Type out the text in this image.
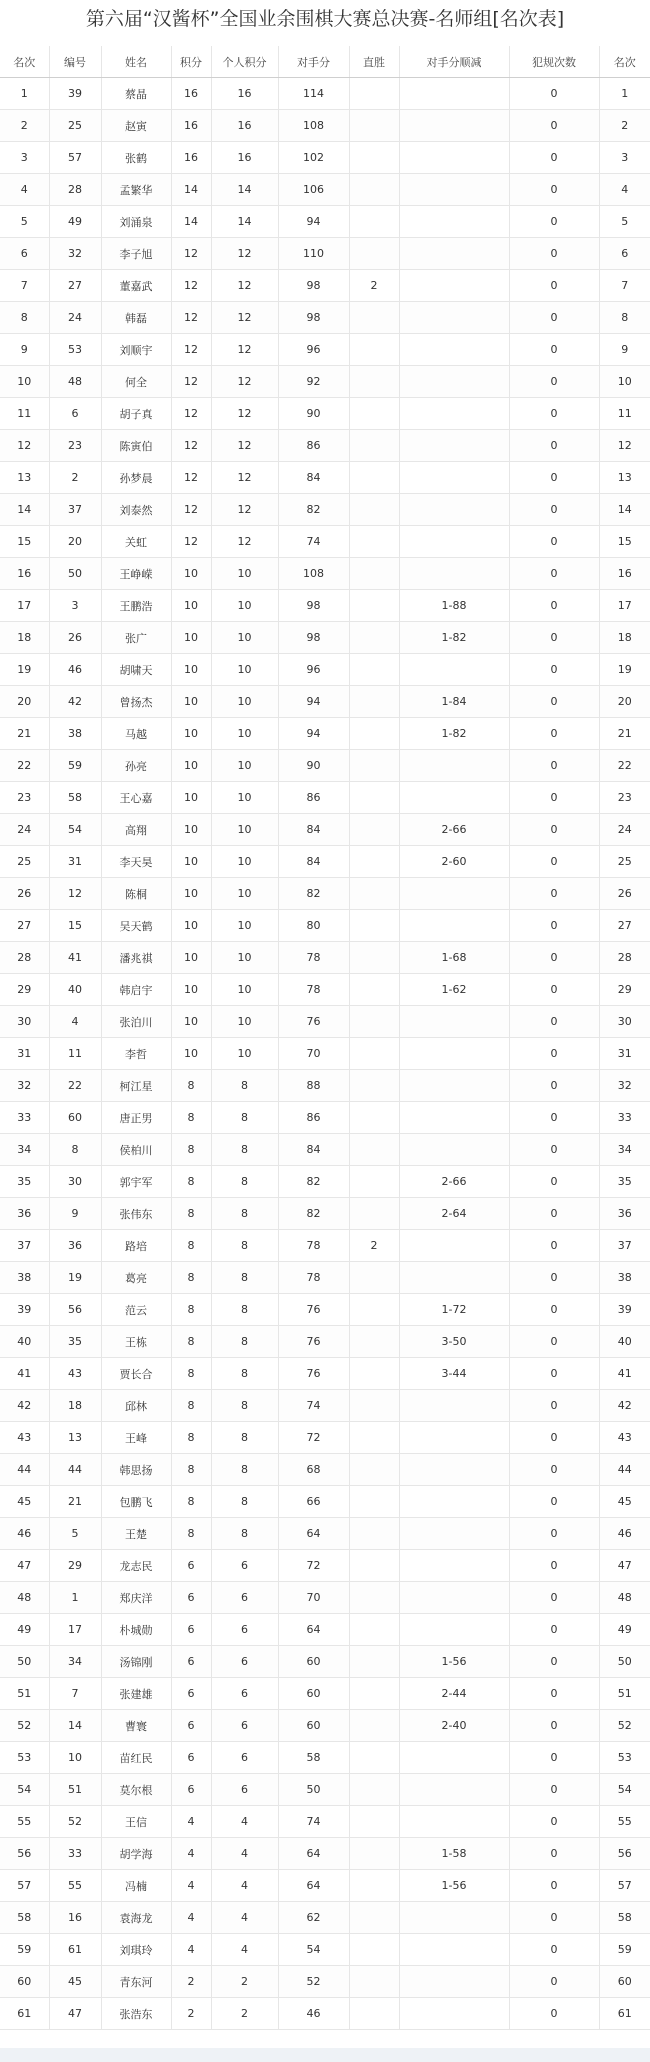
第六届“汉酱杯”全国业余围棋大赛总决赛-名师组[名次表]
名次	编号	姓名	积分	个人积分	对手分	直胜	对手分顺减	犯规次数	名次
1	39	蔡晶	16	16	114			0	1
2	25	赵寅	16	16	108			0	2
3	57	张鹤	16	16	102			0	3
4	28	孟繁华	14	14	106			0	4
5	49	刘涌泉	14	14	94			0	5
6	32	李子旭	12	12	110			0	6
7	27	董嘉武	12	12	98	2		0	7
8	24	韩磊	12	12	98			0	8
9	53	刘顺宇	12	12	96			0	9
10	48	何全	12	12	92			0	10
11	6	胡子真	12	12	90			0	11
12	23	陈寅伯	12	12	86			0	12
13	2	孙梦晨	12	12	84			0	13
14	37	刘泰然	12	12	82			0	14
15	20	关虹	12	12	74			0	15
16	50	王峥嵘	10	10	108			0	16
17	3	王鹏浩	10	10	98		1-88	0	17
18	26	张广	10	10	98		1-82	0	18
19	46	胡啸天	10	10	96			0	19
20	42	曾扬杰	10	10	94		1-84	0	20
21	38	马越	10	10	94		1-82	0	21
22	59	孙亮	10	10	90			0	22
23	58	王心嘉	10	10	86			0	23
24	54	高翔	10	10	84		2-66	0	24
25	31	李天昊	10	10	84		2-60	0	25
26	12	陈桐	10	10	82			0	26
27	15	吴天鹤	10	10	80			0	27
28	41	潘兆祺	10	10	78		1-68	0	28
29	40	韩启宇	10	10	78		1-62	0	29
30	4	张泊川	10	10	76			0	30
31	11	李哲	10	10	70			0	31
32	22	柯江星	8	8	88			0	32
33	60	唐正男	8	8	86			0	33
34	8	侯柏川	8	8	84			0	34
35	30	郭宇军	8	8	82		2-66	0	35
36	9	张伟东	8	8	82		2-64	0	36
37	36	路培	8	8	78	2		0	37
38	19	葛亮	8	8	78			0	38
39	56	范云	8	8	76		1-72	0	39
40	35	王栋	8	8	76		3-50	0	40
41	43	贾长合	8	8	76		3-44	0	41
42	18	邱林	8	8	74			0	42
43	13	王峰	8	8	72			0	43
44	44	韩思扬	8	8	68			0	44
45	21	包鹏飞	8	8	66			0	45
46	5	王楚	8	8	64			0	46
47	29	龙志民	6	6	72			0	47
48	1	郑庆洋	6	6	70			0	48
49	17	朴城勋	6	6	64			0	49
50	34	汤锦刚	6	6	60		1-56	0	50
51	7	张建雄	6	6	60		2-44	0	51
52	14	曹寰	6	6	60		2-40	0	52
53	10	苗红民	6	6	58			0	53
54	51	莫尔根	6	6	50			0	54
55	52	王信	4	4	74			0	55
56	33	胡学海	4	4	64		1-58	0	56
57	55	冯楠	4	4	64		1-56	0	57
58	16	袁海龙	4	4	62			0	58
59	61	刘琪玲	4	4	54			0	59
60	45	青东河	2	2	52			0	60
61	47	张浩东	2	2	46			0	61
